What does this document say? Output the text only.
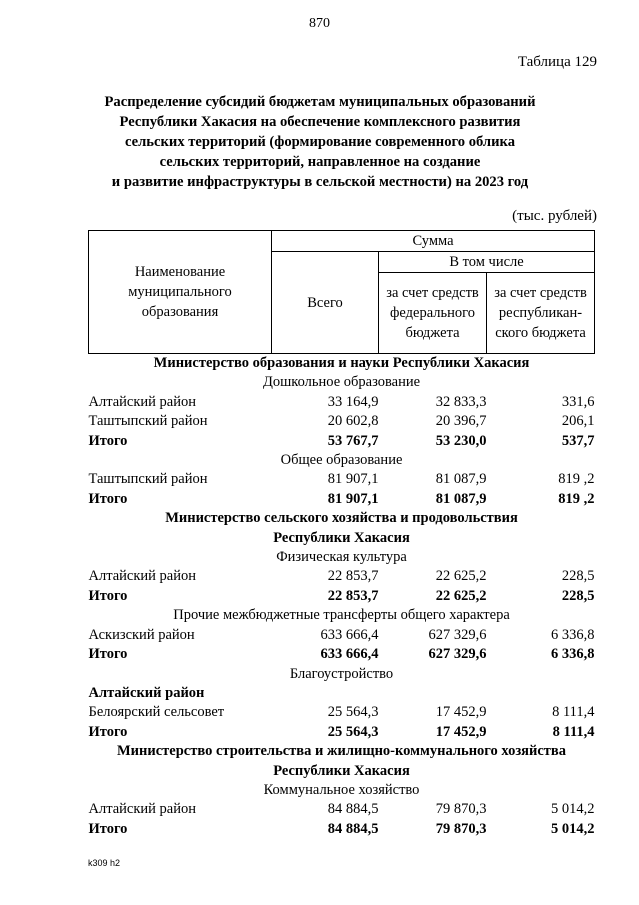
870
Таблица 129
Распределение субсидий бюджетам муниципальных образований
Республики Хакасия на обеспечение комплексного развития
сельских территорий (формирование современного облика
сельских территорий, направленное на создание
и развитие инфраструктуры в сельской местности) на 2023 год
(тыс. рублей)
Наименование муниципального образования	Сумма		
	Всего	В том числе	
		за счет средств федерального бюджета	за счет средств республикан-ского бюджета
Министерство образования и науки Республики Хакасия			
Дошкольное образование			
Алтайский район	33 164,9	32 833,3	331,6
Таштыпский район	20 602,8	20 396,7	206,1
Итого	53 767,7	53 230,0	537,7
Общее образование			
Таштыпский район	81 907,1	81 087,9	819 ,2
Итого	81 907,1	81 087,9	819 ,2
Министерство сельского хозяйства и продовольствия			
Республики Хакасия			
Физическая культура			
Алтайский район	22 853,7	22 625,2	228,5
Итого	22 853,7	22 625,2	228,5
Прочие межбюджетные трансферты общего характера			
Аскизский район	633 666,4	627 329,6	6 336,8
Итого	633 666,4	627 329,6	6 336,8
Благоустройство			
Алтайский район			
Белоярский сельсовет	25 564,3	17 452,9	8 111,4
Итого	25 564,3	17 452,9	8 111,4
Министерство строительства и жилищно-коммунального хозяйства			
Республики Хакасия			
Коммунальное хозяйство			
Алтайский район	84 884,5	79 870,3	5 014,2
Итого	84 884,5	79 870,3	5 014,2
k309 h2
